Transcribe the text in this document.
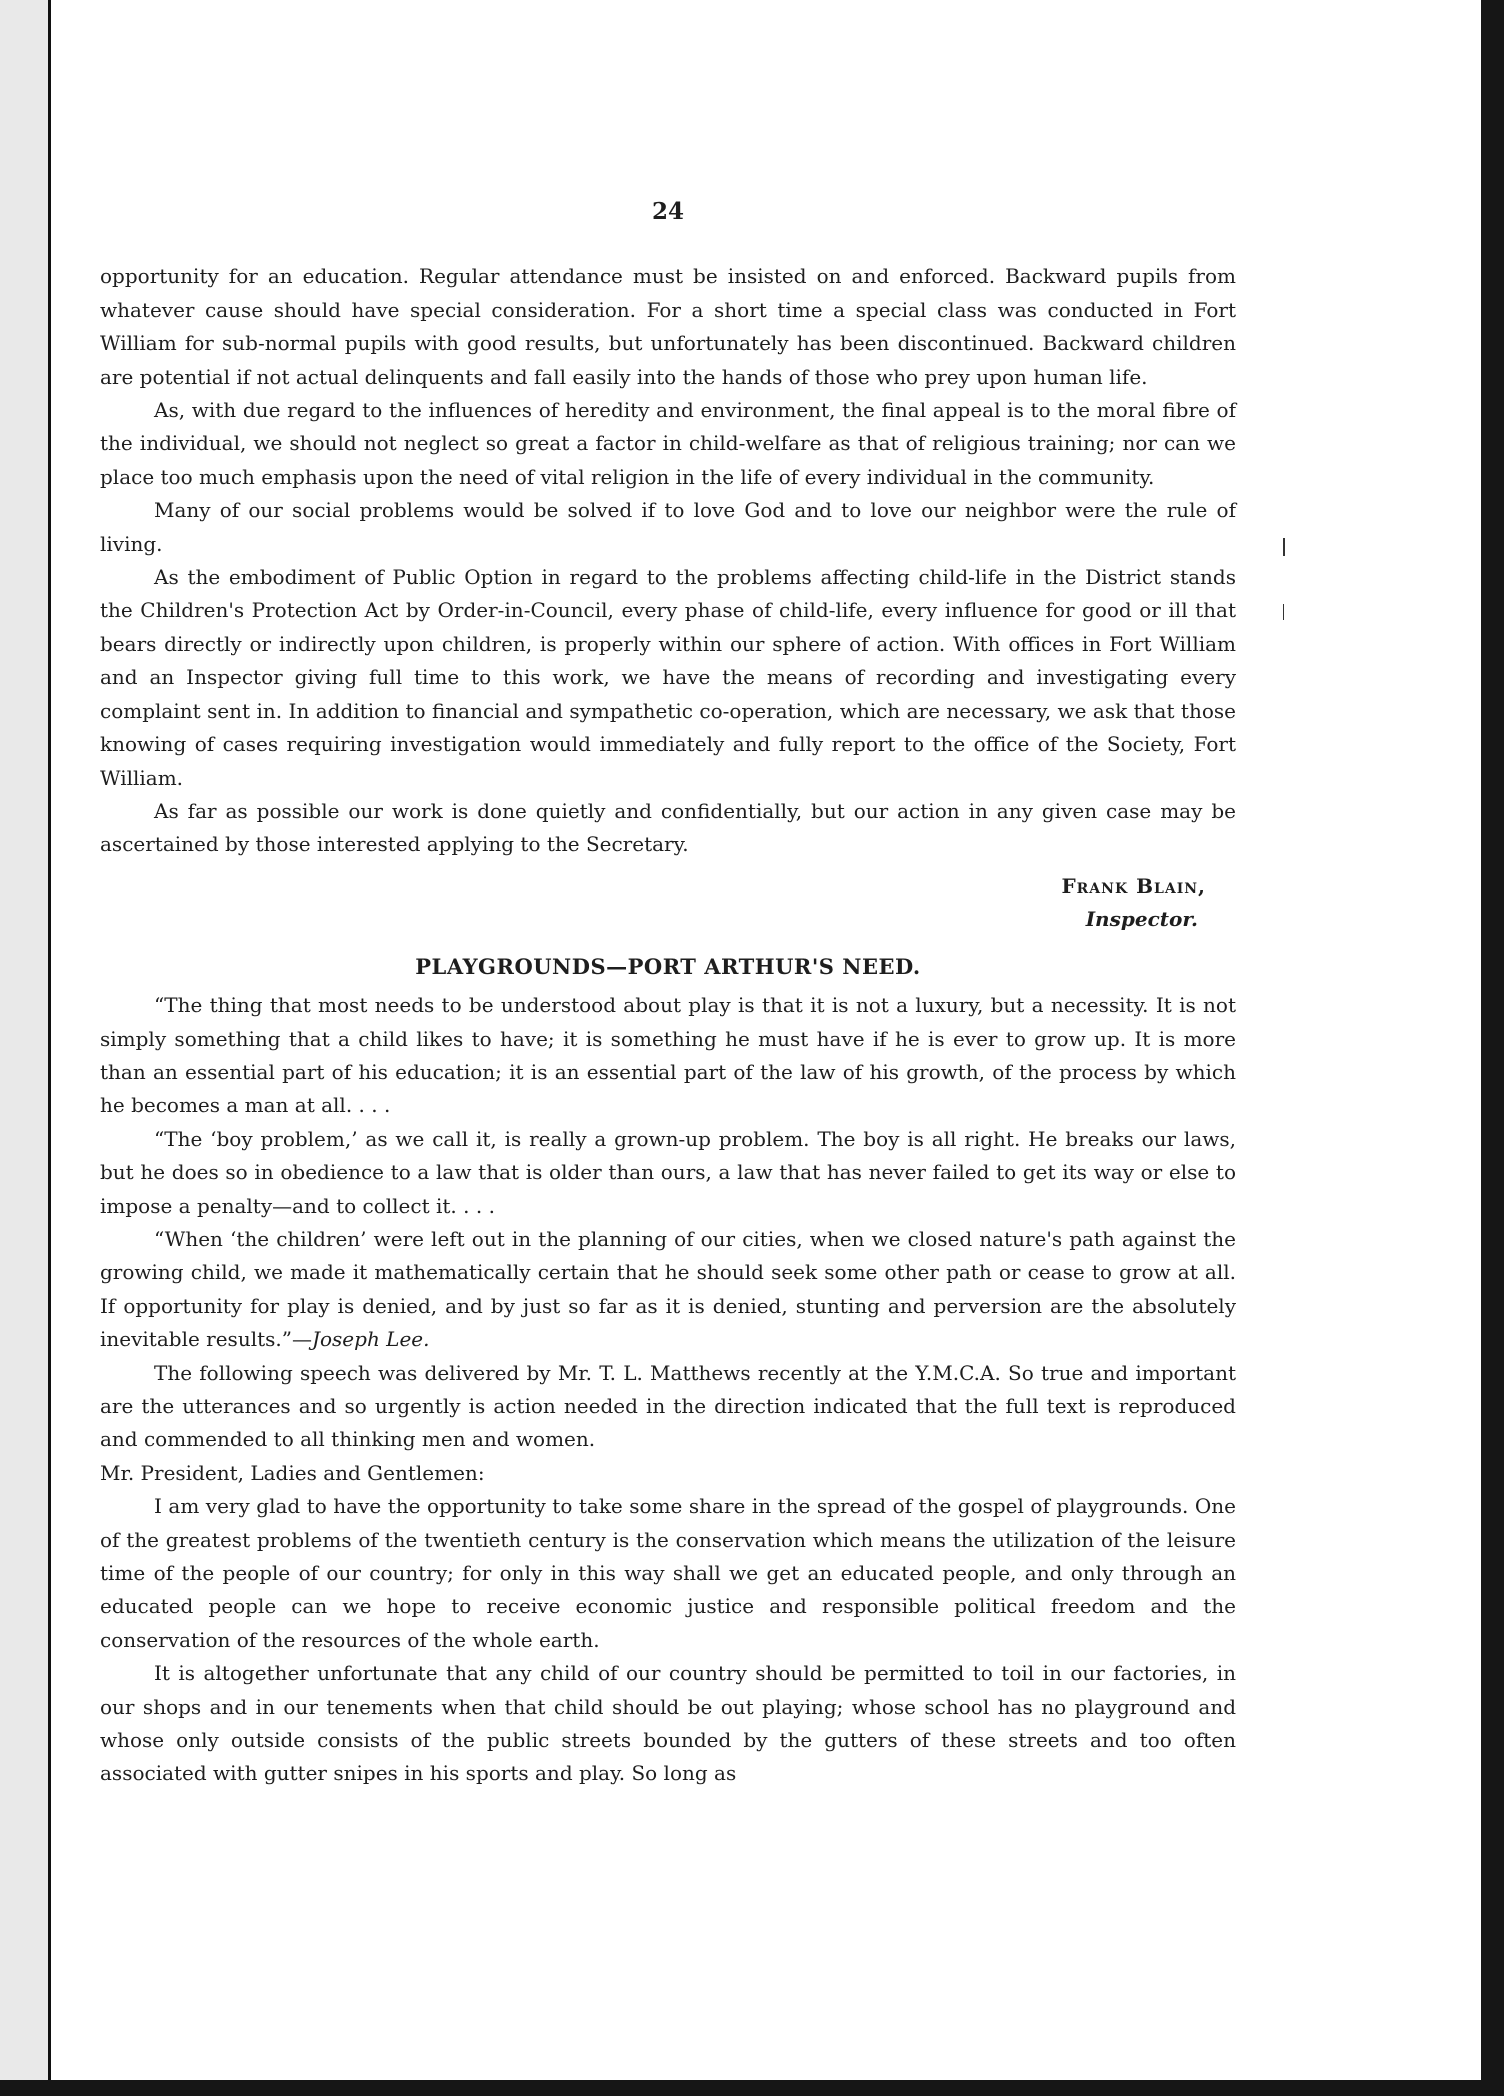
24

opportunity for an education. Regular attendance must be insisted on and enforced. Backward pupils from whatever cause should have special consideration. For a short time a special class was conducted in Fort William for sub-normal pupils with good results, but unfortunately has been discontinued. Backward children are potential if not actual delinquents and fall easily into the hands of those who prey upon human life.

As, with due regard to the influences of heredity and environment, the final appeal is to the moral fibre of the individual, we should not neglect so great a factor in child-welfare as that of religious training; nor can we place too much emphasis upon the need of vital religion in the life of every individual in the community.

Many of our social problems would be solved if to love God and to love our neighbor were the rule of living.

As the embodiment of Public Option in regard to the problems affecting child-life in the District stands the Children's Protection Act by Order-in-Council, every phase of child-life, every influence for good or ill that bears directly or indirectly upon children, is properly within our sphere of action. With offices in Fort William and an Inspector giving full time to this work, we have the means of recording and investigating every complaint sent in. In addition to financial and sympathetic co-operation, which are necessary, we ask that those knowing of cases requiring investigation would immediately and fully report to the office of the Society, Fort William.

As far as possible our work is done quietly and confidentially, but our action in any given case may be ascertained by those interested applying to the Secretary.

Frank Blain,
Inspector.
PLAYGROUNDS—PORT ARTHUR'S NEED.

“The thing that most needs to be understood about play is that it is not a luxury, but a necessity. It is not simply something that a child likes to have; it is something he must have if he is ever to grow up. It is more than an essential part of his education; it is an essential part of the law of his growth, of the process by which he becomes a man at all. . . .

“The ‘boy problem,’ as we call it, is really a grown-up problem. The boy is all right. He breaks our laws, but he does so in obedience to a law that is older than ours, a law that has never failed to get its way or else to impose a penalty—and to collect it. . . .

“When ‘the children’ were left out in the planning of our cities, when we closed nature's path against the growing child, we made it mathematically certain that he should seek some other path or cease to grow at all. If opportunity for play is denied, and by just so far as it is denied, stunting and perversion are the absolutely inevitable results.”—Joseph Lee.

The following speech was delivered by Mr. T. L. Matthews recently at the Y.M.C.A. So true and important are the utterances and so urgently is action needed in the direction indicated that the full text is reproduced and commended to all thinking men and women.

Mr. President, Ladies and Gentlemen:

I am very glad to have the opportunity to take some share in the spread of the gospel of playgrounds. One of the greatest problems of the twentieth century is the conservation which means the utilization of the leisure time of the people of our country; for only in this way shall we get an educated people, and only through an educated people can we hope to receive economic justice and responsible political freedom and the conservation of the resources of the whole earth.

It is altogether unfortunate that any child of our country should be permitted to toil in our factories, in our shops and in our tenements when that child should be out playing; whose school has no playground and whose only outside consists of the public streets bounded by the gutters of these streets and too often associated with gutter snipes in his sports and play. So long as
